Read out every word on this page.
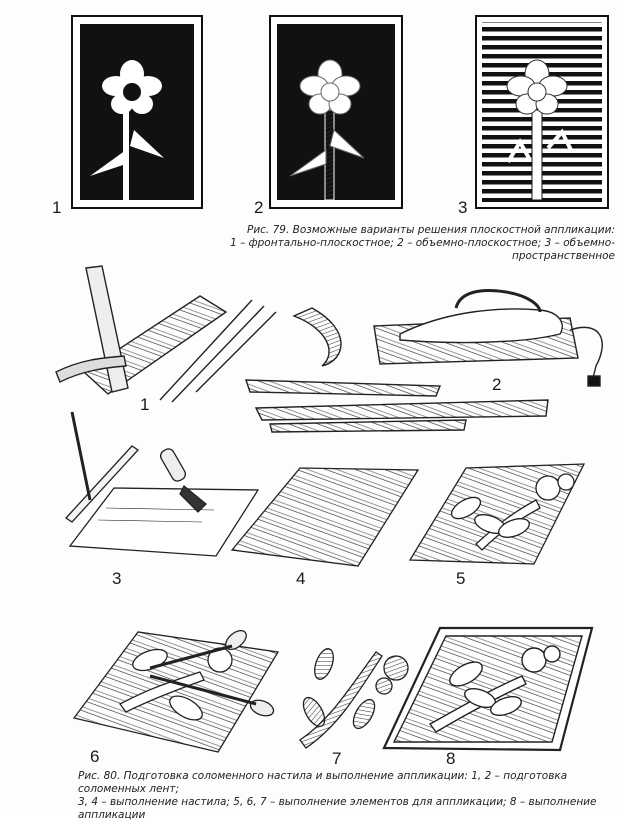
1	2	3
1
2
3	4	5
6	7	8
Рис. 79. Возможные варианты решения плоскостной аппликации:
1 – фронтально-плоскостное; 2 – объемно-плоскостное; 3 – объемно-пространственное
Рис. 80. Подготовка соломенного настила и выполнение аппликации: 1, 2 – подготовка соломенных лент;
3, 4 – выполнение настила; 5, 6, 7 – выполнение элементов для аппликации; 8 – выполнение аппликации
